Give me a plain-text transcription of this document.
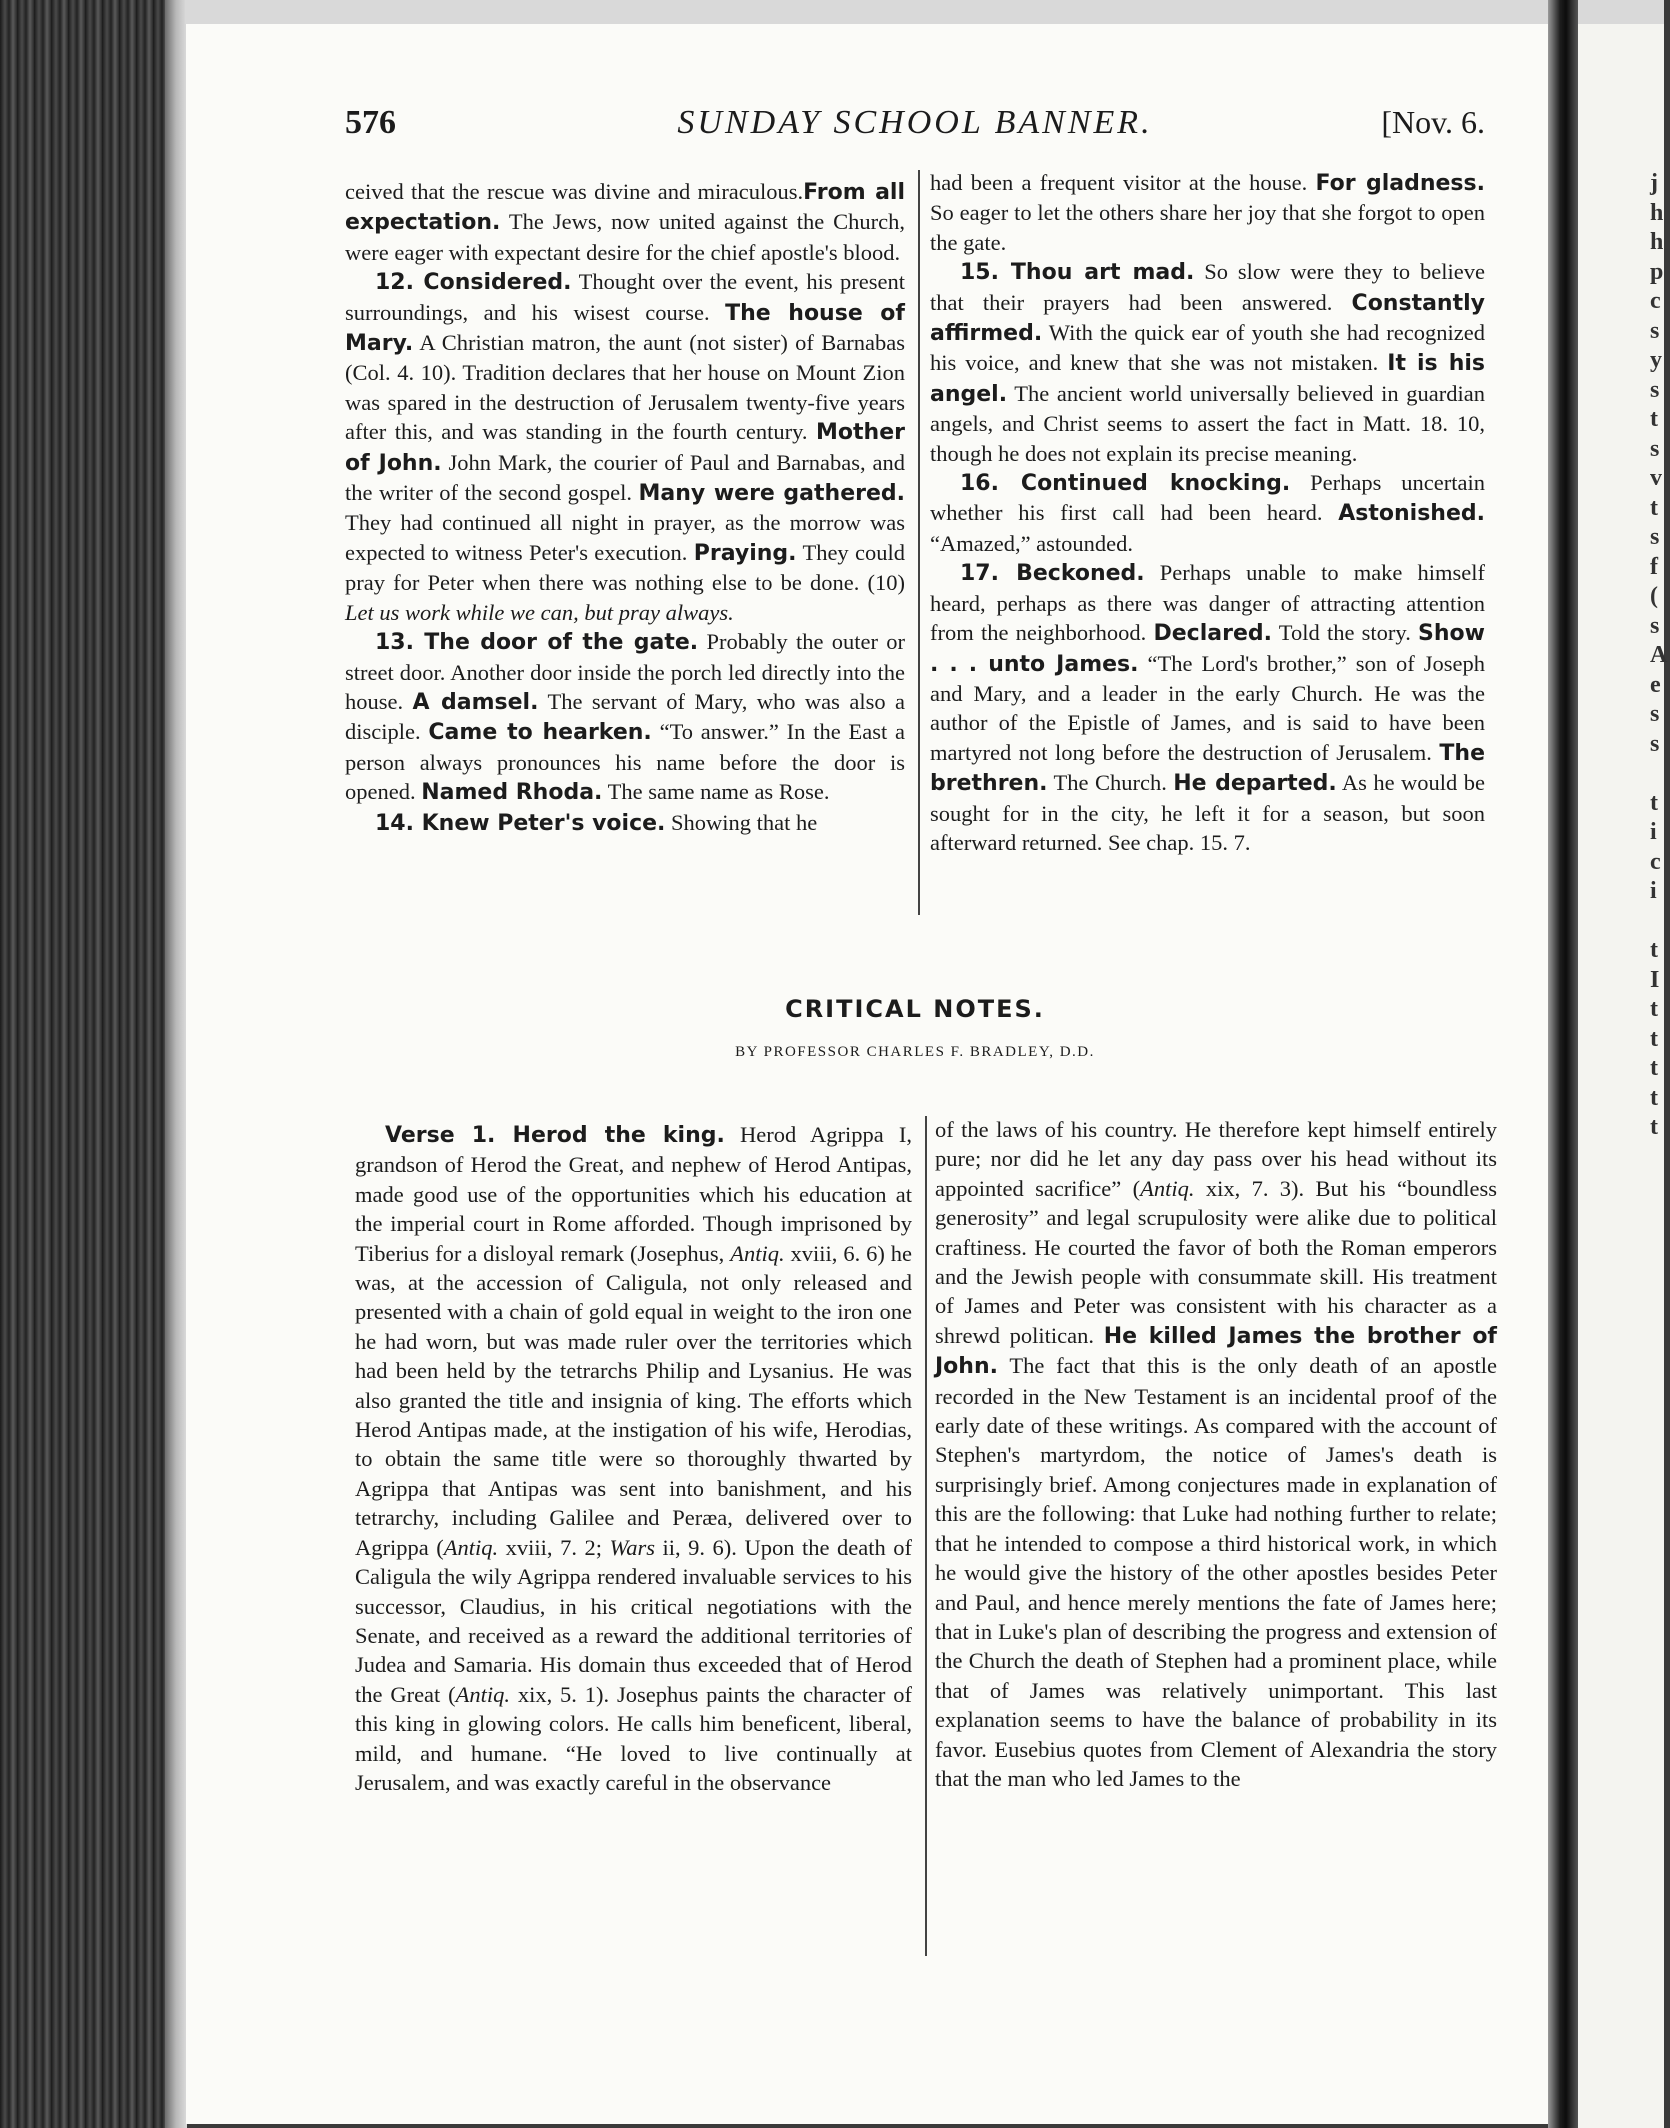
576	SUNDAY SCHOOL BANNER.	[Nov. 6.

ceived that the rescue was divine and miraculous.From all expectation. The Jews, now united against the Church, were eager with expectant desire for the chief apostle's blood.

12. Considered. Thought over the event, his present surroundings, and his wisest course. The house of Mary. A Christian matron, the aunt (not sister) of Barnabas (Col. 4. 10). Tradition declares that her house on Mount Zion was spared in the destruction of Jerusalem twenty-five years after this, and was standing in the fourth century. Mother of John. John Mark, the courier of Paul and Barnabas, and the writer of the second gospel. Many were gathered. They had continued all night in prayer, as the morrow was expected to witness Peter's execution. Praying. They could pray for Peter when there was nothing else to be done. (10) Let us work while we can, but pray always.

13. The door of the gate. Probably the outer or street door. Another door inside the porch led directly into the house. A damsel. The servant of Mary, who was also a disciple. Came to hearken. “To answer.” In the East a person always pronounces his name before the door is opened. Named Rhoda. The same name as Rose.

14. Knew Peter's voice. Showing that he

had been a frequent visitor at the house. For gladness. So eager to let the others share her joy that she forgot to open the gate.

15. Thou art mad. So slow were they to believe that their prayers had been answered. Constantly affirmed. With the quick ear of youth she had recognized his voice, and knew that she was not mistaken. It is his angel. The ancient world universally believed in guardian angels, and Christ seems to assert the fact in Matt. 18. 10, though he does not explain its precise meaning.

16. Continued knocking. Perhaps uncertain whether his first call had been heard. Astonished. “Amazed,” astounded.

17. Beckoned. Perhaps unable to make himself heard, perhaps as there was danger of attracting attention from the neighborhood. Declared. Told the story. Show . . . unto James. “The Lord's brother,” son of Joseph and Mary, and a leader in the early Church. He was the author of the Epistle of James, and is said to have been martyred not long before the destruction of Jerusalem. The brethren. The Church. He departed. As he would be sought for in the city, he left it for a season, but soon afterward returned. See chap. 15. 7.

CRITICAL NOTES.
BY PROFESSOR CHARLES F. BRADLEY, D.D.

Verse 1. Herod the king. Herod Agrippa I, grandson of Herod the Great, and nephew of Herod Antipas, made good use of the opportunities which his education at the imperial court in Rome afforded. Though imprisoned by Tiberius for a disloyal remark (Josephus, Antiq. xviii, 6. 6) he was, at the accession of Caligula, not only released and presented with a chain of gold equal in weight to the iron one he had worn, but was made ruler over the territories which had been held by the tetrarchs Philip and Lysanius. He was also granted the title and insignia of king. The efforts which Herod Antipas made, at the instigation of his wife, Herodias, to obtain the same title were so thoroughly thwarted by Agrippa that Antipas was sent into banishment, and his tetrarchy, including Galilee and Peræa, delivered over to Agrippa (Antiq. xviii, 7. 2; Wars ii, 9. 6). Upon the death of Caligula the wily Agrippa rendered invaluable services to his successor, Claudius, in his critical negotiations with the Senate, and received as a reward the additional territories of Judea and Samaria. His domain thus exceeded that of Herod the Great (Antiq. xix, 5. 1). Josephus paints the character of this king in glowing colors. He calls him beneficent, liberal, mild, and humane. “He loved to live continually at Jerusalem, and was exactly careful in the observance

of the laws of his country. He therefore kept himself entirely pure; nor did he let any day pass over his head without its appointed sacrifice” (Antiq. xix, 7. 3). But his “boundless generosity” and legal scrupulosity were alike due to political craftiness. He courted the favor of both the Roman emperors and the Jewish people with consummate skill. His treatment of James and Peter was consistent with his character as a shrewd politican. He killed James the brother of John. The fact that this is the only death of an apostle recorded in the New Testament is an incidental proof of the early date of these writings. As compared with the account of Stephen's martyrdom, the notice of James's death is surprisingly brief. Among conjectures made in explanation of this are the following: that Luke had nothing further to relate; that he intended to compose a third historical work, in which he would give the history of the other apostles besides Peter and Paul, and hence merely mentions the fate of James here; that in Luke's plan of describing the progress and extension of the Church the death of Stephen had a prominent place, while that of James was relatively unimportant. This last explanation seems to have the balance of probability in its favor. Eusebius quotes from Clement of Alexandria the story that the man who led James to the

j
h
h
p
c
s
y
s
t
s
v
t
s
f
(
s
A
e
s
s
t
i
c
i
t
I
t
t
t
t
t
